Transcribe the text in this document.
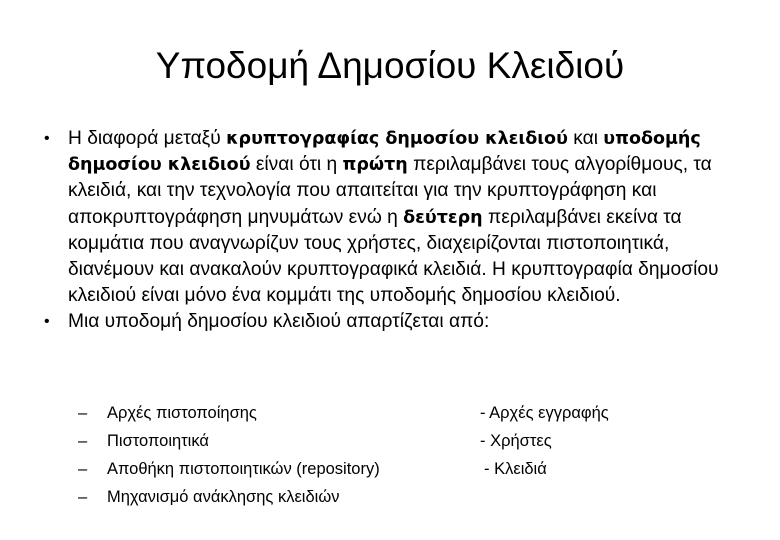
Υποδομή Δημοσίου Κλειδιού
• Η διαφορά μεταξύ κρυπτογραφίας δημοσίου κλειδιού και υποδομής δημοσίου κλειδιού είναι ότι η πρώτη περιλαμβάνει τους αλγορίθμους, τα κλειδιά, και την τεχνολογία που απαιτείται για την κρυπτογράφηση και αποκρυπτογράφηση μηνυμάτων ενώ η δεύτερη περιλαμβάνει εκείνα τα κομμάτια που αναγνωρίζυν τους χρήστες, διαχειρίζονται πιστοποιητικά, διανέμουν και ανακαλούν κρυπτογραφικά κλειδιά. Η κρυπτογραφία δημοσίου κλειδιού είναι μόνο ένα κομμάτι της υποδομής δημοσίου κλειδιού.
• Μια υποδομή δημοσίου κλειδιού απαρτίζεται από:
– Αρχές πιστοποίησης	- Αρχές εγγραφής
– Πιστοποιητικά	- Χρήστες
– Αποθήκη πιστοποιητικών (repository)	- Κλειδιά
– Μηχανισμό ανάκλησης κλειδιών
